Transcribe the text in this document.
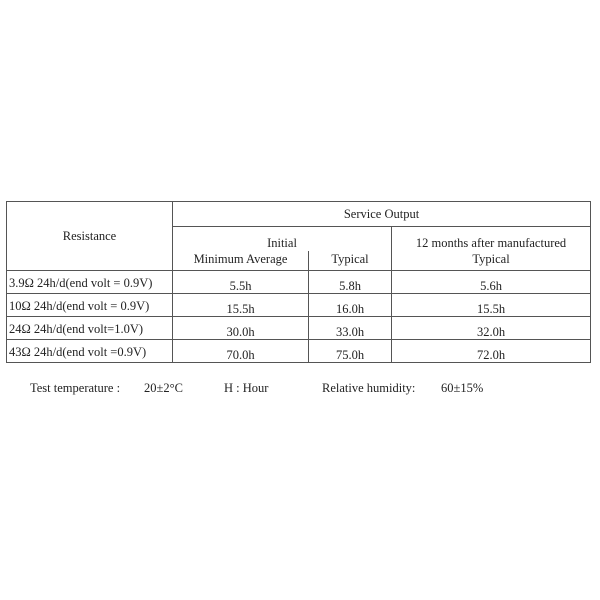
Resistance	Service Output		
	Initial		12 months after manufactured
	Minimum Average	Typical	Typical
3.9Ω 24h/d(end volt = 0.9V)	5.5h	5.8h	5.6h
10Ω 24h/d(end volt = 0.9V)	15.5h	16.0h	15.5h
24Ω 24h/d(end volt=1.0V)	30.0h	33.0h	32.0h
43Ω 24h/d(end volt =0.9V)	70.0h	75.0h	72.0h
Test temperature : 20±2°C	H : Hour	Relative humidity: 60±15%
